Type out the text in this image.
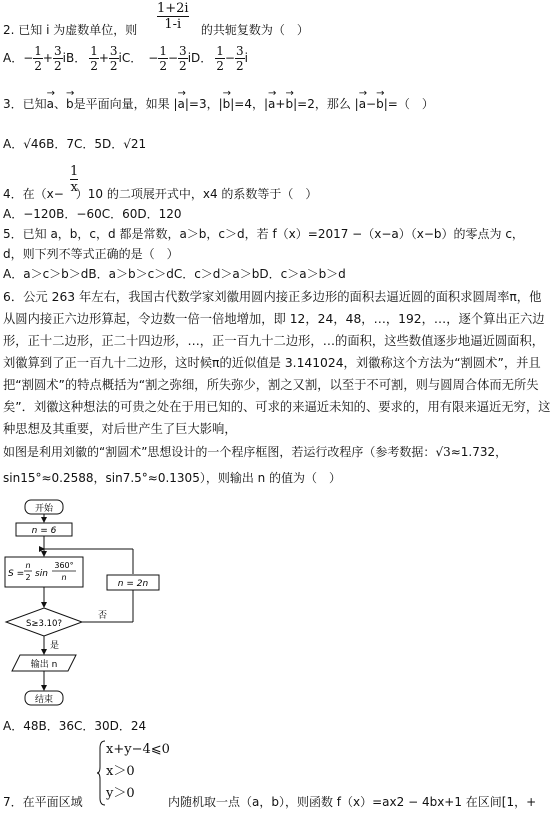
$\frac{1+2i}{1-i}$
2. 已知 i 为虚数单位，则	的共轭复数为（　）
A．− $\frac{1}{2} + \frac{3}{2}$ iB． $\frac{1}{2} + \frac{3}{2}$ iC． − $\frac{1}{2} - \frac{3}{2}$ iD． $\frac{1}{2} - \frac{3}{2}$ i
3．已知→ a、→ b是平面向量，如果 |→ a|=3，|→ b|=4，|→ a+→ b|=2，那么 |→ a−→ b|=（　）
A．√46B．7C．5D．√21
$\frac{1}{x}$
4．在（x− ）10 的二项展开式中，x4 的系数等于（　）
A．−120B．−60C．60D．120
5．已知 a，b，c，d 都是常数，a＞b，c＞d，若 f（x）=2017 −（x−a）（x−b）的零点为 c，
d，则下列不等式正确的是（　）
A．a＞c＞b＞dB．a＞b＞c＞dC．c＞d＞a＞bD．c＞a＞b＞d
6．公元 263 年左右，我国古代数学家刘徽用圆内接正多边形的面积去逼近圆的面积求圆周率π，他从圆内接正六边形算起，令边数一倍一倍地增加，即 12，24，48，…，192，…，逐个算出正六边形，正十二边形，正二十四边形，…，正一百九十二边形，…的面积，这些数值逐步地逼近圆面积，刘徽算到了正一百九十二边形，这时候π的近似值是 3.141024，刘徽称这个方法为“割圆术”，并且把“割圆术”的特点概括为“割之弥细，所失弥少，割之又割，以至于不可割，则与圆周合体而无所失矣”．刘徽这种想法的可贵之处在于用已知的、可求的来逼近未知的、要求的，用有限来逼近无穷，这种思想及其重要，对后世产生了巨大影响，
如图是利用刘徽的“割圆术”思想设计的一个程序框图，若运行改程序（参考数据：√3≈1.732，
sin15°≈0.2588，sin7.5°≈0.1305），则输出 n 的值为（　）
开始
n = 6
S =
n
2 sin
360°
n
n = 2n
S≥3.10?
否
是
输出 n
结束
A．48B．36C．30D．24
x+y−4⩽0
x＞0
y＞0
7．在平面区域	内随机取一点（a，b），则函数 f（x）=ax2 − 4bx+1 在区间[1，+
